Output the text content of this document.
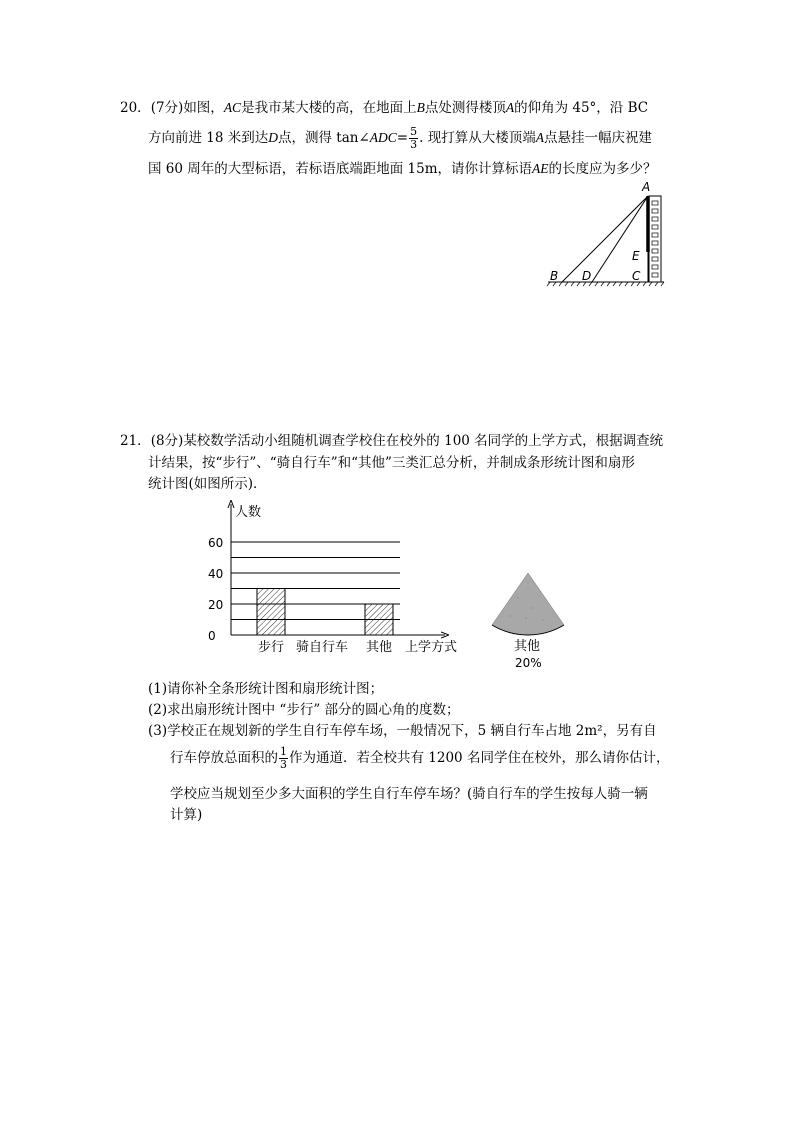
20．(7分)如图，AC是我市某大楼的高，在地面上B点处测得楼顶A的仰角为 45°，沿 BC
方向前进 18 米到达D点，测得 tan∠ADC= $\frac{5}{3}$ . 现打算从大楼顶端A点悬挂一幅庆祝建
国 60 周年的大型标语，若标语底端距地面 15m，请你计算标语AE的长度应为多少？
A
B D	C
E
21．(8分)某校数学活动小组随机调查学校住在校外的 100 名同学的上学方式，根据调查统
计结果，按“步行”、“骑自行车”和“其他”三类汇总分析，并制成条形统计图和扇形
统计图(如图所示)．
人数
0
20
40
60
步行 骑自行车 其他 上学方式	其他
20%
(1)请你补全条形统计图和扇形统计图；
(2)求出扇形统计图中 “步行” 部分的圆心角的度数；
(3)学校正在规划新的学生自行车停车场，一般情况下，5 辆自行车占地 2m²，另有自
行车停放总面积的 $\frac{1}{3}$ 作为通道．若全校共有 1200 名同学住在校外，那么请你估计，
学校应当规划至少多大面积的学生自行车停车场？(骑自行车的学生按每人骑一辆
计算)
